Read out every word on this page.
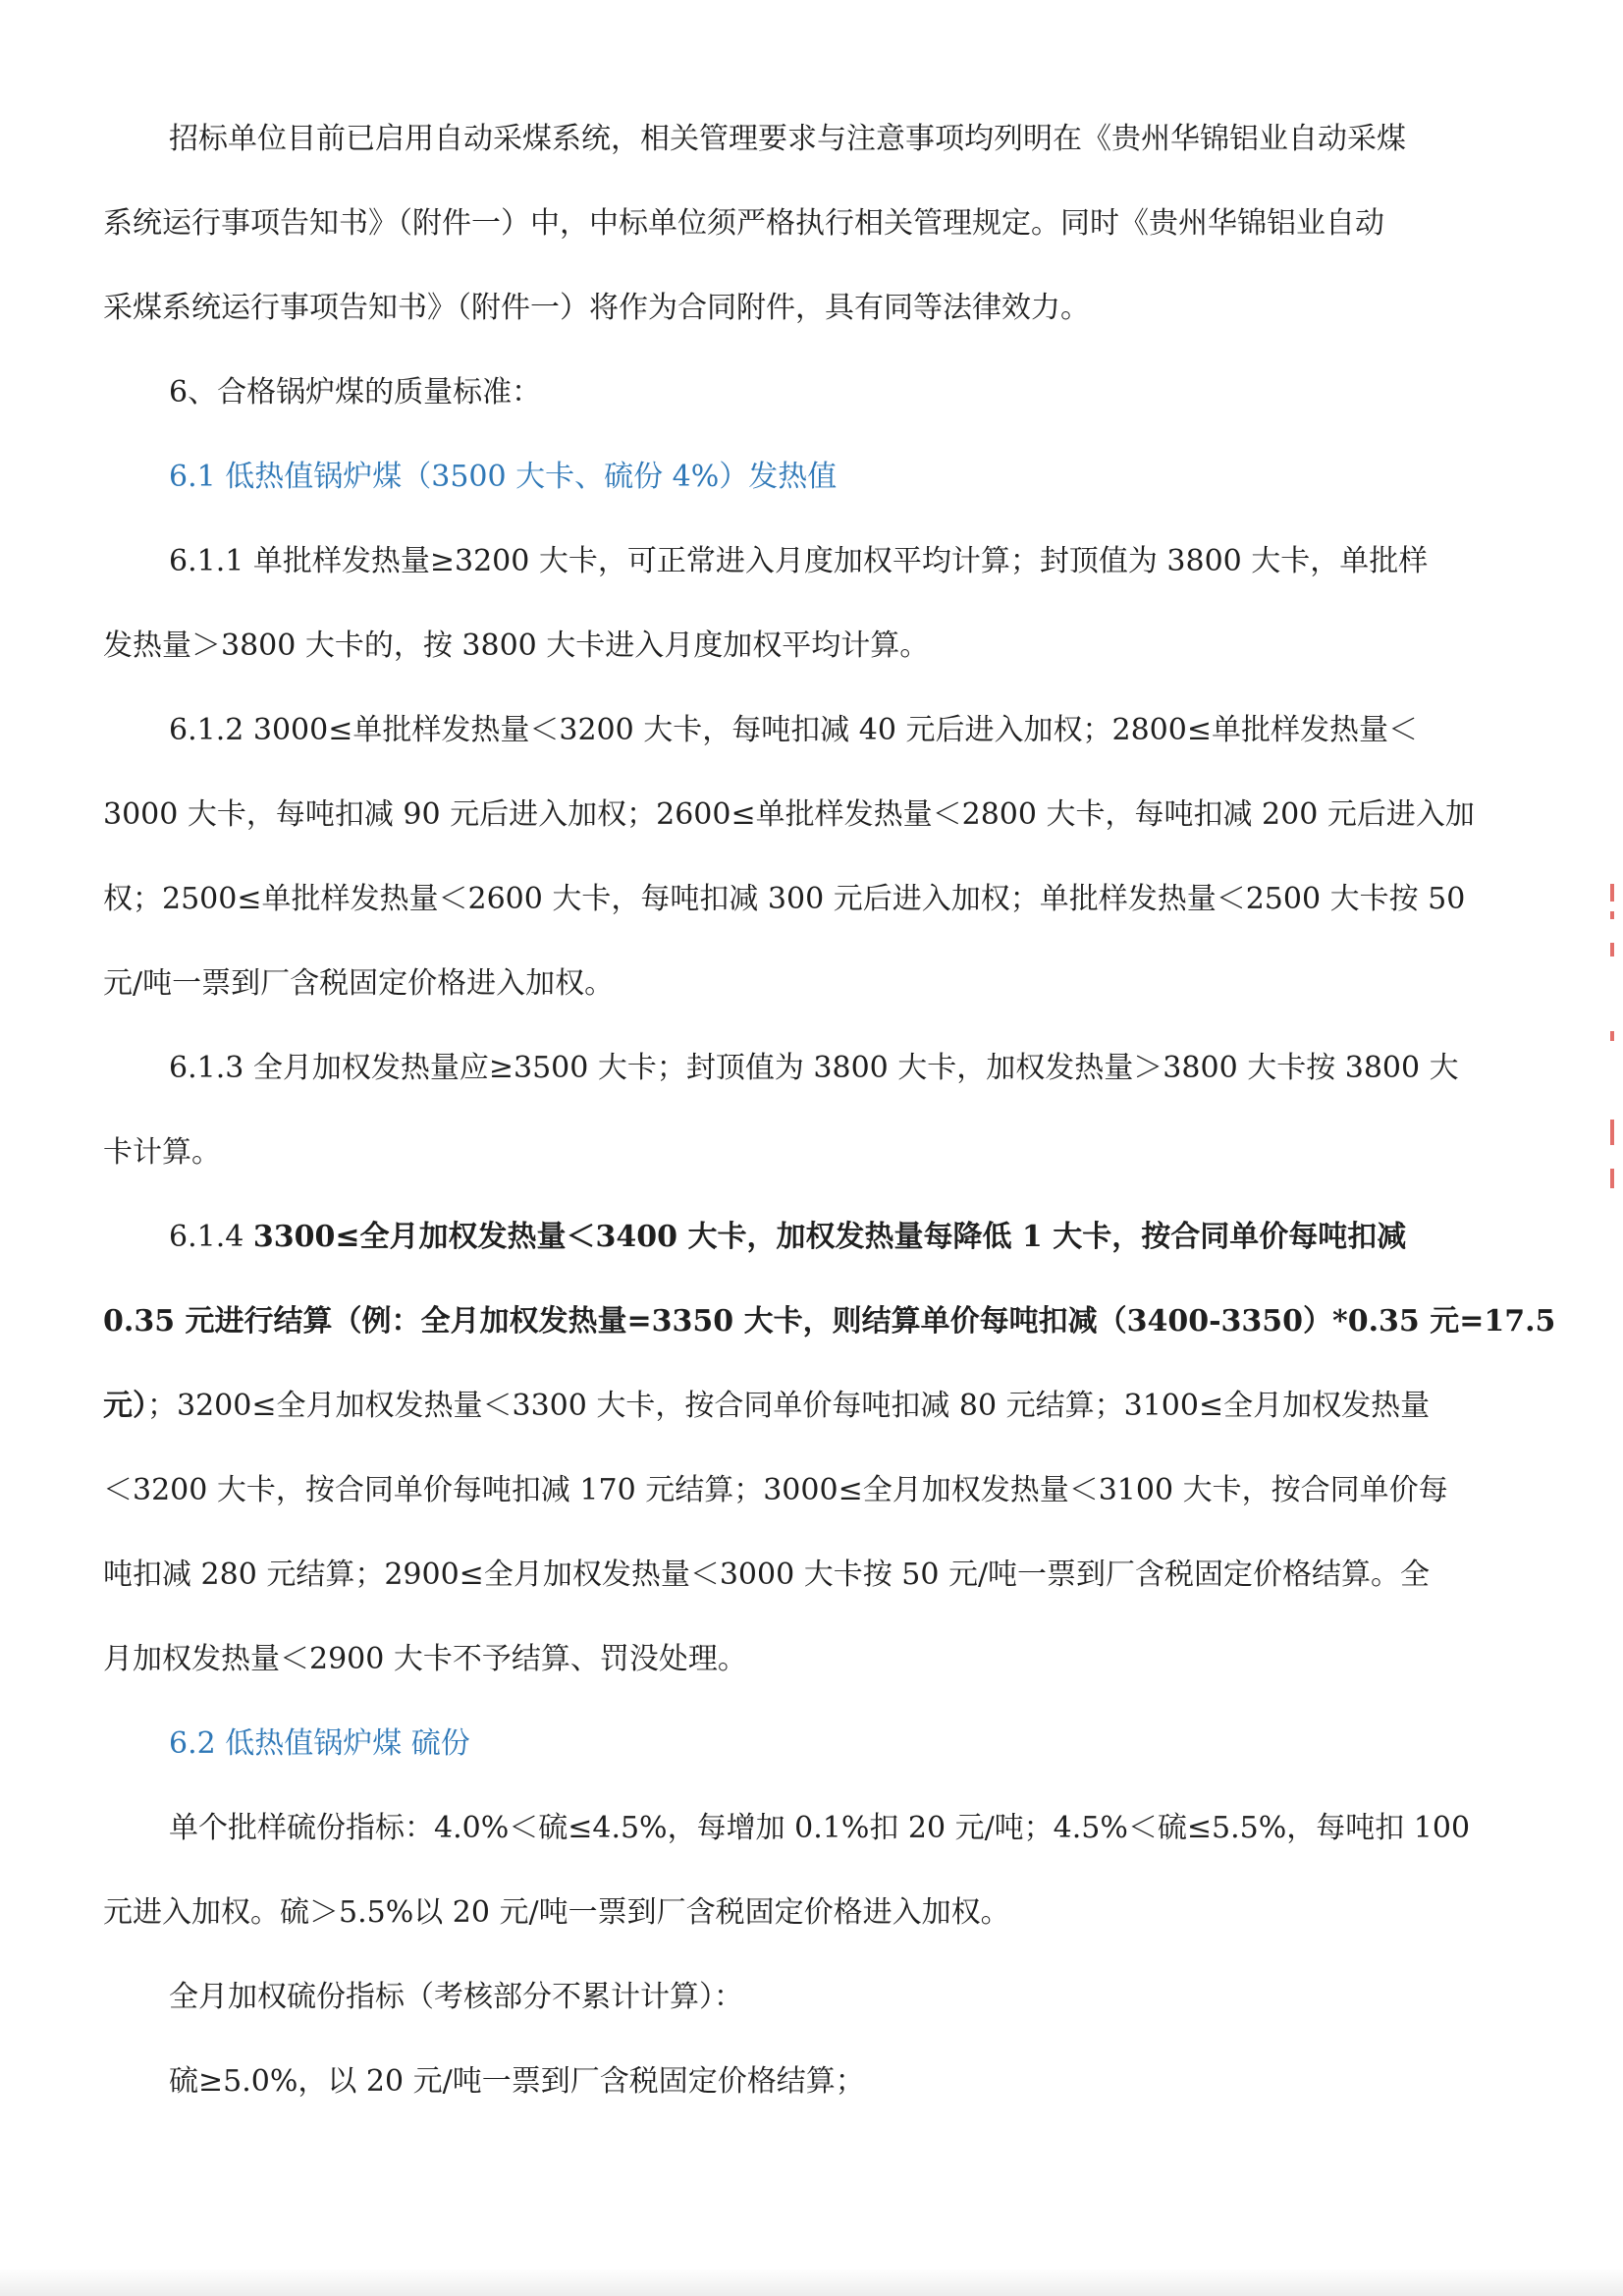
招标单位目前已启用自动采煤系统，相关管理要求与注意事项均列明在《贵州华锦铝业自动采煤
系统运行事项告知书》（附件一）中，中标单位须严格执行相关管理规定。同时《贵州华锦铝业自动
采煤系统运行事项告知书》（附件一）将作为合同附件，具有同等法律效力。
6、合格锅炉煤的质量标准：
6.1 低热值锅炉煤（3500 大卡、硫份 4%）发热值
6.1.1 单批样发热量≥3200 大卡，可正常进入月度加权平均计算；封顶值为 3800 大卡，单批样
发热量＞3800 大卡的，按 3800 大卡进入月度加权平均计算。
6.1.2 3000≤单批样发热量＜3200 大卡，每吨扣减 40 元后进入加权；2800≤单批样发热量＜
3000 大卡，每吨扣减 90 元后进入加权；2600≤单批样发热量＜2800 大卡，每吨扣减 200 元后进入加
权；2500≤单批样发热量＜2600 大卡，每吨扣减 300 元后进入加权；单批样发热量＜2500 大卡按 50
元/吨一票到厂含税固定价格进入加权。
6.1.3 全月加权发热量应≥3500 大卡；封顶值为 3800 大卡，加权发热量＞3800 大卡按 3800 大
卡计算。
6.1.4 3300≤全月加权发热量＜3400 大卡，加权发热量每降低 1 大卡，按合同单价每吨扣减
0.35 元进行结算（例：全月加权发热量=3350 大卡，则结算单价每吨扣减（3400-3350）*0.35 元=17.5
元）；3200≤全月加权发热量＜3300 大卡，按合同单价每吨扣减 80 元结算；3100≤全月加权发热量
＜3200 大卡，按合同单价每吨扣减 170 元结算；3000≤全月加权发热量＜3100 大卡，按合同单价每
吨扣减 280 元结算；2900≤全月加权发热量＜3000 大卡按 50 元/吨一票到厂含税固定价格结算。全
月加权发热量＜2900 大卡不予结算、罚没处理。
6.2 低热值锅炉煤 硫份
单个批样硫份指标：4.0%＜硫≤4.5%，每增加 0.1%扣 20 元/吨；4.5%＜硫≤5.5%，每吨扣 100
元进入加权。硫＞5.5%以 20 元/吨一票到厂含税固定价格进入加权。
全月加权硫份指标（考核部分不累计计算）：
硫≥5.0%，以 20 元/吨一票到厂含税固定价格结算；
